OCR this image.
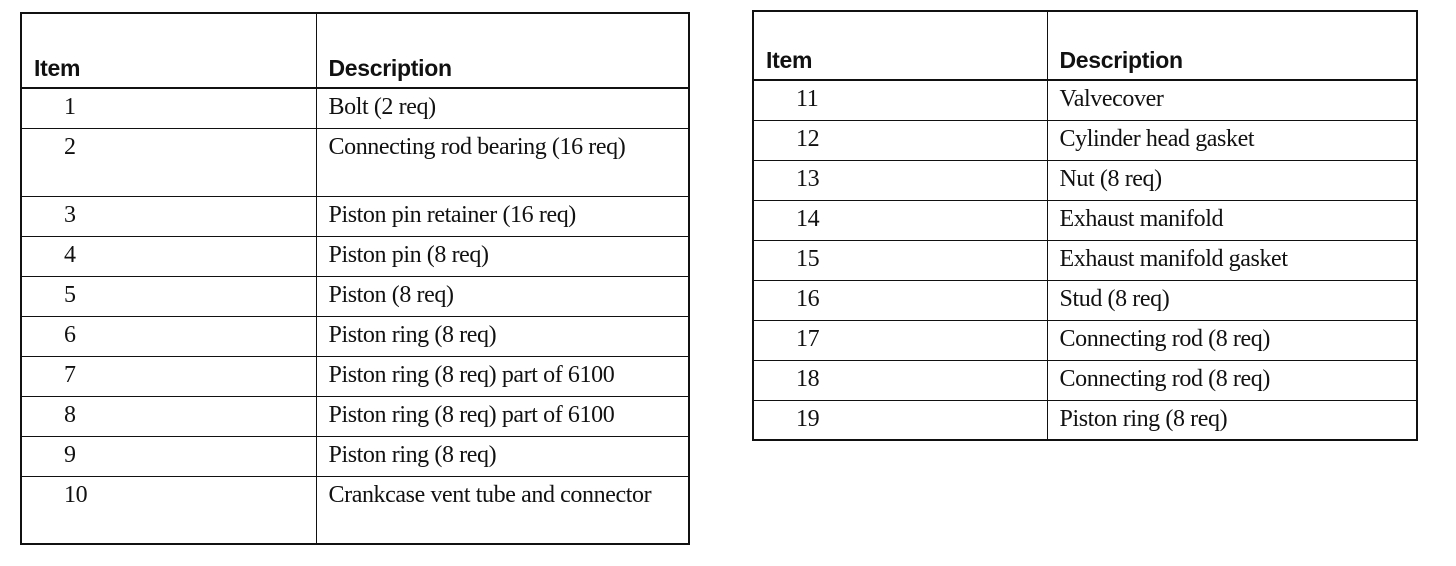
Item	Description
1	Bolt (2 req)
2	Connecting rod bearing (16 req)
3	Piston pin retainer (16 req)
4	Piston pin (8 req)
5	Piston (8 req)
6	Piston ring (8 req)
7	Piston ring (8 req) part of 6100
8	Piston ring (8 req) part of 6100
9	Piston ring (8 req)
10	Crankcase vent tube and connector
Item	Description
11	Valvecover
12	Cylinder head gasket
13	Nut (8 req)
14	Exhaust manifold
15	Exhaust manifold gasket
16	Stud (8 req)
17	Connecting rod (8 req)
18	Connecting rod (8 req)
19	Piston ring (8 req)
